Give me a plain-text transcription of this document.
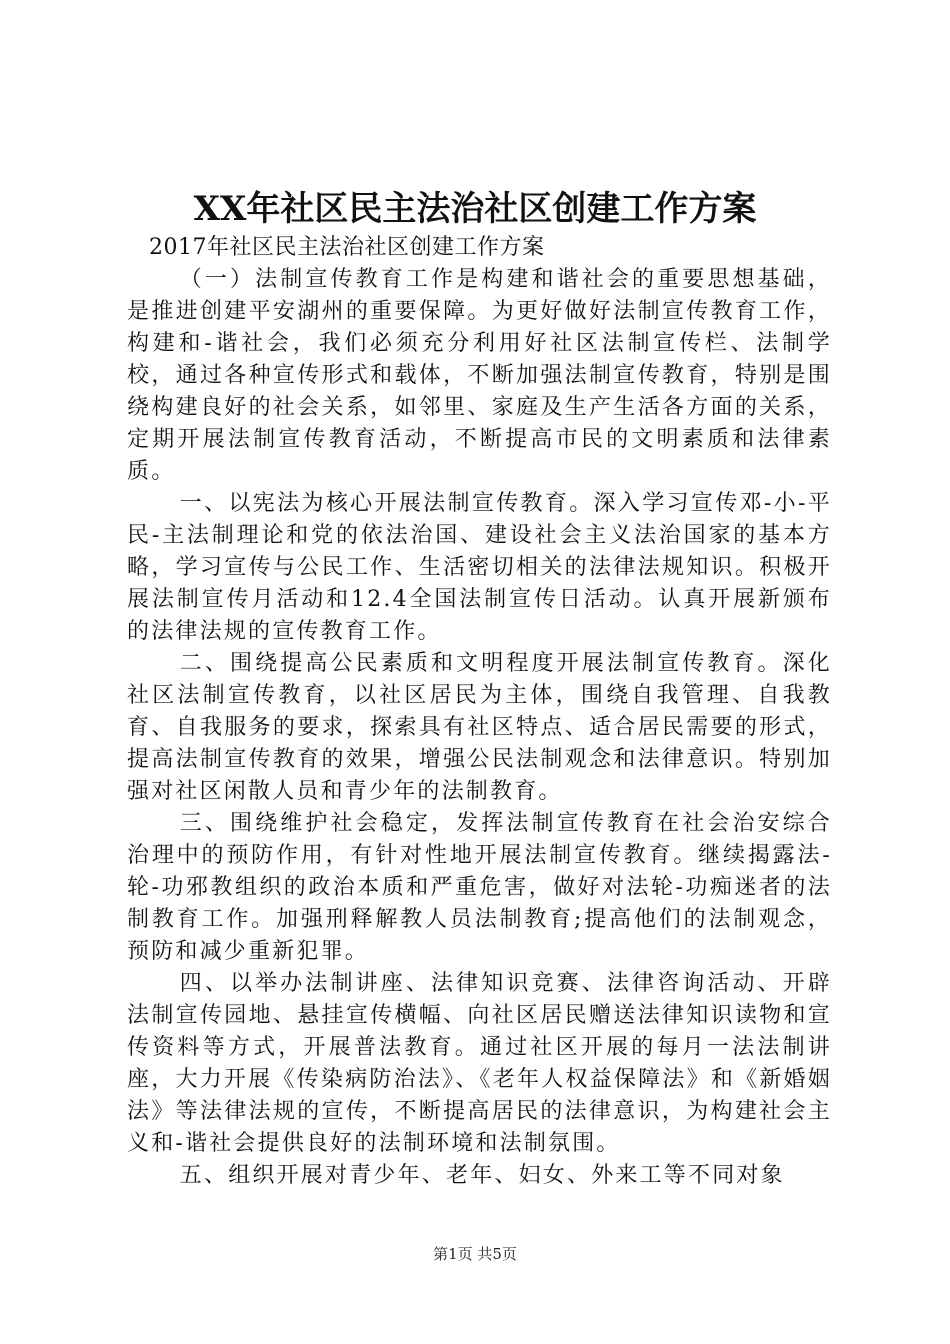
XX年社区民主法治社区创建工作方案

2017年社区民主法治社区创建工作方案

（一）法制宣传教育工作是构建和谐社会的重要思想基础，是推进创建平安湖州的重要保障。为更好做好法制宣传教育工作，构建和-谐社会，我们必须充分利用好社区法制宣传栏、法制学校，通过各种宣传形式和载体，不断加强法制宣传教育，特别是围绕构建良好的社会关系，如邻里、家庭及生产生活各方面的关系，定期开展法制宣传教育活动，不断提高市民的文明素质和法律素质。

一、以宪法为核心开展法制宣传教育。深入学习宣传邓-小-平民-主法制理论和党的依法治国、建设社会主义法治国家的基本方略，学习宣传与公民工作、生活密切相关的法律法规知识。积极开展法制宣传月活动和12.4全国法制宣传日活动。认真开展新颁布的法律法规的宣传教育工作。

二、围绕提高公民素质和文明程度开展法制宣传教育。深化社区法制宣传教育，以社区居民为主体，围绕自我管理、自我教育、自我服务的要求，探索具有社区特点、适合居民需要的形式，提高法制宣传教育的效果，增强公民法制观念和法律意识。特别加强对社区闲散人员和青少年的法制教育。

三、围绕维护社会稳定，发挥法制宣传教育在社会治安综合治理中的预防作用，有针对性地开展法制宣传教育。继续揭露法-轮-功邪教组织的政治本质和严重危害，做好对法轮-功痴迷者的法制教育工作。加强刑释解教人员法制教育;提高他们的法制观念，预防和减少重新犯罪。

四、以举办法制讲座、法律知识竞赛、法律咨询活动、开辟法制宣传园地、悬挂宣传横幅、向社区居民赠送法律知识读物和宣传资料等方式，开展普法教育。通过社区开展的每月一法法制讲座，大力开展《传染病防治法》、《老年人权益保障法》和《新婚姻法》等法律法规的宣传，不断提高居民的法律意识，为构建社会主义和-谐社会提供良好的法制环境和法制氛围。

五、组织开展对青少年、老年、妇女、外来工等不同对象

第1页 共5页
